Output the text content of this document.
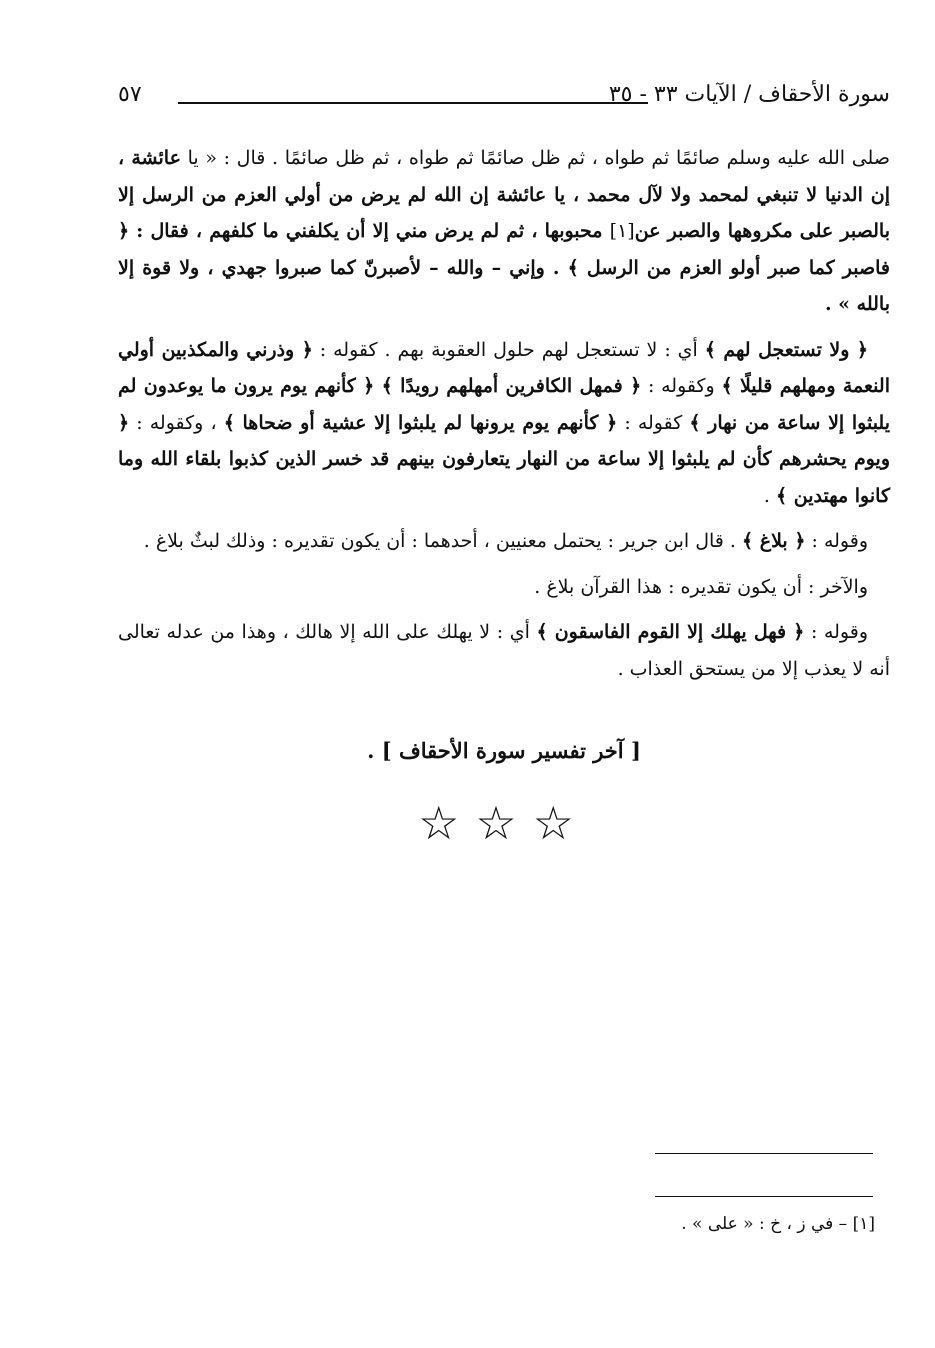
سورة الأحقاف / الآيات ٣٣ - ٣٥
٥٧

صلى الله عليه وسلم صائمًا ثم طواه ، ثم ظل صائمًا ثم طواه ، ثم ظل صائمًا . قال : « يا عائشة ، إن الدنيا لا تنبغي لمحمد ولا لآل محمد ، يا عائشة إن الله لم يرض من أولي العزم من الرسل إلا بالصبر على مكروهها والصبر عن[١] محبوبها ، ثم لم يرض مني إلا أن يكلفني ما كلفهم ، فقال : ﴿ فاصبر كما صبر أولو العزم من الرسل ﴾ . وإني – والله – لأصبرنّ كما صبروا جهدي ، ولا قوة إلا بالله » .

﴿ ولا تستعجل لهم ﴾ أي : لا تستعجل لهم حلول العقوبة بهم . كقوله : ﴿ وذرني والمكذبين أولي النعمة ومهلهم قليلًا ﴾ وكقوله : ﴿ فمهل الكافرين أمهلهم رويدًا ﴾ ﴿ كأنهم يوم يرون ما يوعدون لم يلبثوا إلا ساعة من نهار ﴾ كقوله : ﴿ كأنهم يوم يرونها لم يلبثوا إلا عشية أو ضحاها ﴾ ، وكقوله : ﴿ ويوم يحشرهم كأن لم يلبثوا إلا ساعة من النهار يتعارفون بينهم قد خسر الذين كذبوا بلقاء الله وما كانوا مهتدين ﴾ .

وقوله : ﴿ بلاغ ﴾ . قال ابن جرير : يحتمل معنيين ، أحدهما : أن يكون تقديره : وذلك لبثٌ بلاغ .

والآخر : أن يكون تقديره : هذا القرآن بلاغ .

وقوله : ﴿ فهل يهلك إلا القوم الفاسقون ﴾ أي : لا يهلك على الله إلا هالك ، وهذا من عدله تعالى أنه لا يعذب إلا من يستحق العذاب .

[ آخر تفسير سورة الأحقاف ] .
☆☆☆
[١] – في ز ، خ : « على » .
